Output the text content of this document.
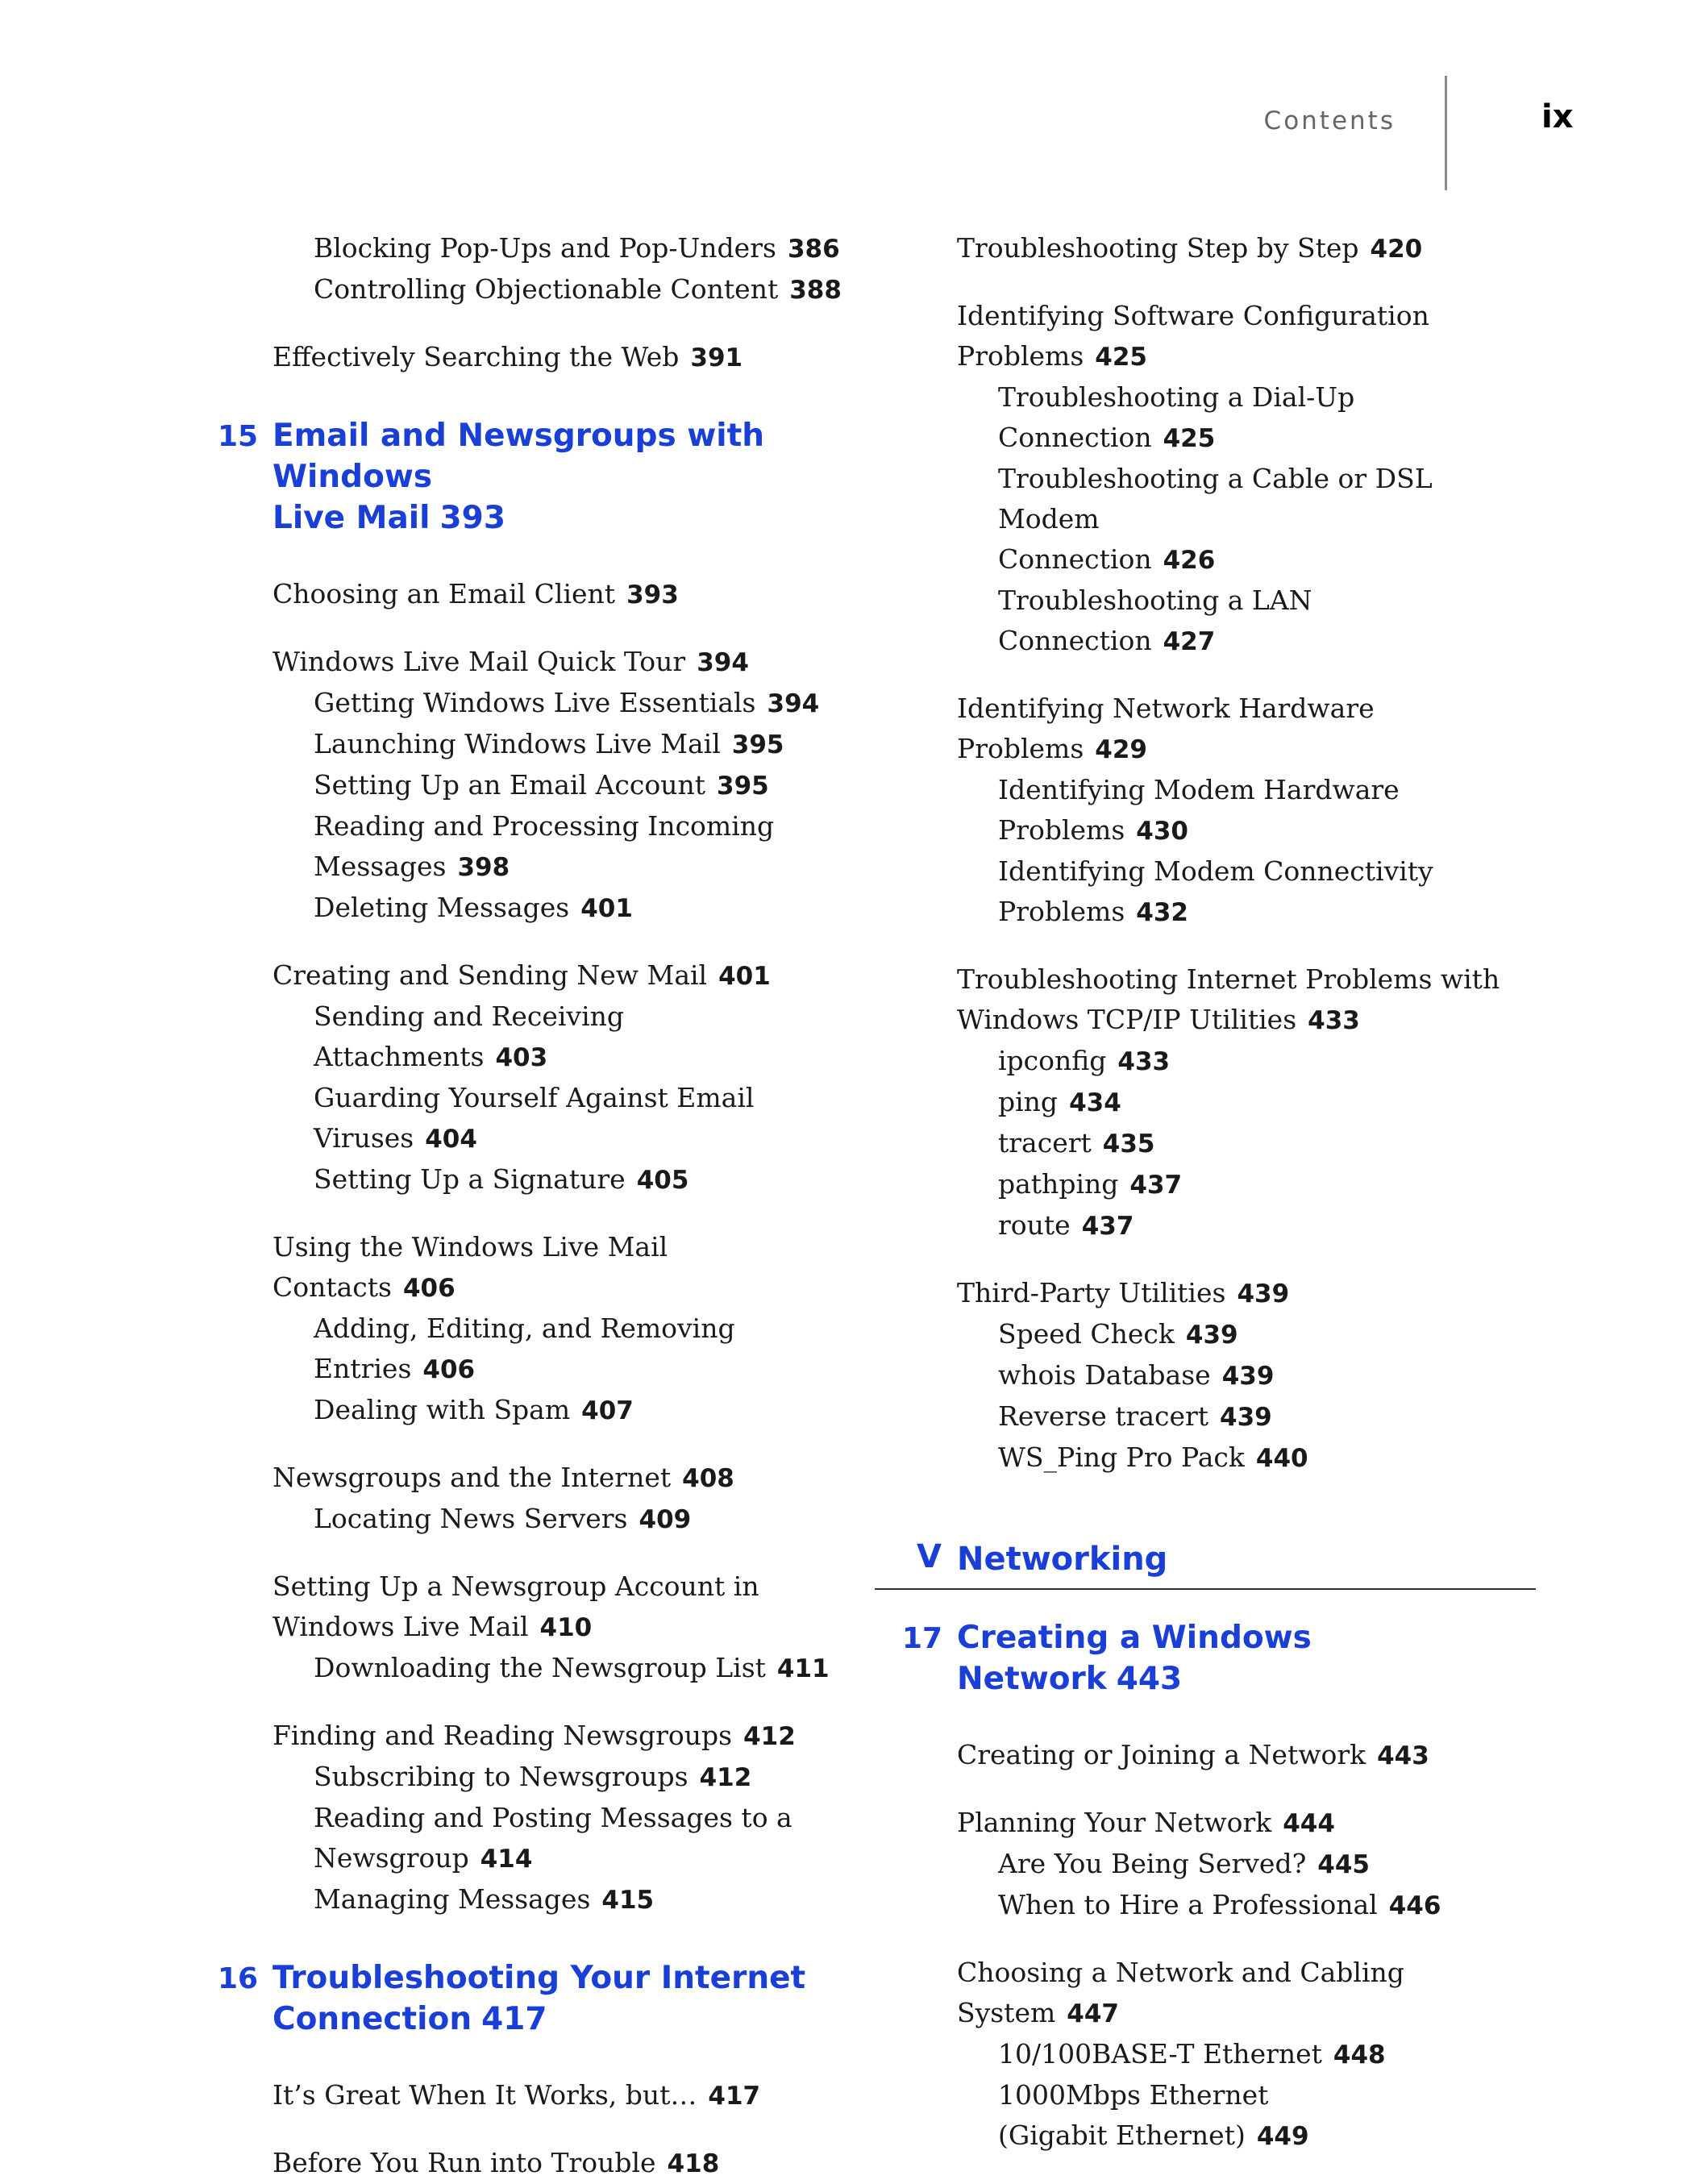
Contents	ix
Blocking Pop-Ups and Pop-Unders 386
Controlling Objectionable Content 388
Effectively Searching the Web 391
15 Email and Newsgroups with Windows
Live Mail 393
Choosing an Email Client 393
Windows Live Mail Quick Tour 394
Getting Windows Live Essentials 394
Launching Windows Live Mail 395
Setting Up an Email Account 395
Reading and Processing Incoming
Messages 398
Deleting Messages 401
Creating and Sending New Mail 401
Sending and Receiving Attachments 403
Guarding Yourself Against Email
Viruses 404
Setting Up a Signature 405
Using the Windows Live Mail Contacts 406
Adding, Editing, and Removing
Entries 406
Dealing with Spam 407
Newsgroups and the Internet 408
Locating News Servers 409
Setting Up a Newsgroup Account in
Windows Live Mail 410
Downloading the Newsgroup List 411
Finding and Reading Newsgroups 412
Subscribing to Newsgroups 412
Reading and Posting Messages to a
Newsgroup 414
Managing Messages 415
16 Troubleshooting Your Internet
Connection 417
It’s Great When It Works, but… 417
Before You Run into Trouble 418
Troubleshooting Step by Step 420
Identifying Software Configuration
Problems 425
Troubleshooting a Dial-Up
Connection 425
Troubleshooting a Cable or DSL Modem
Connection 426
Troubleshooting a LAN Connection 427
Identifying Network Hardware
Problems 429
Identifying Modem Hardware
Problems 430
Identifying Modem Connectivity
Problems 432
Troubleshooting Internet Problems with
Windows TCP/IP Utilities 433
ipconfig 433
ping 434
tracert 435
pathping 437
route 437
Third-Party Utilities 439
Speed Check 439
whois Database 439
Reverse tracert 439
WS_Ping Pro Pack 440
V Networking
17 Creating a Windows Network 443
Creating or Joining a Network 443
Planning Your Network 444
Are You Being Served? 445
When to Hire a Professional 446
Choosing a Network and Cabling
System 447
10/100BASE-T Ethernet 448
1000Mbps Ethernet
(Gigabit Ethernet) 449
